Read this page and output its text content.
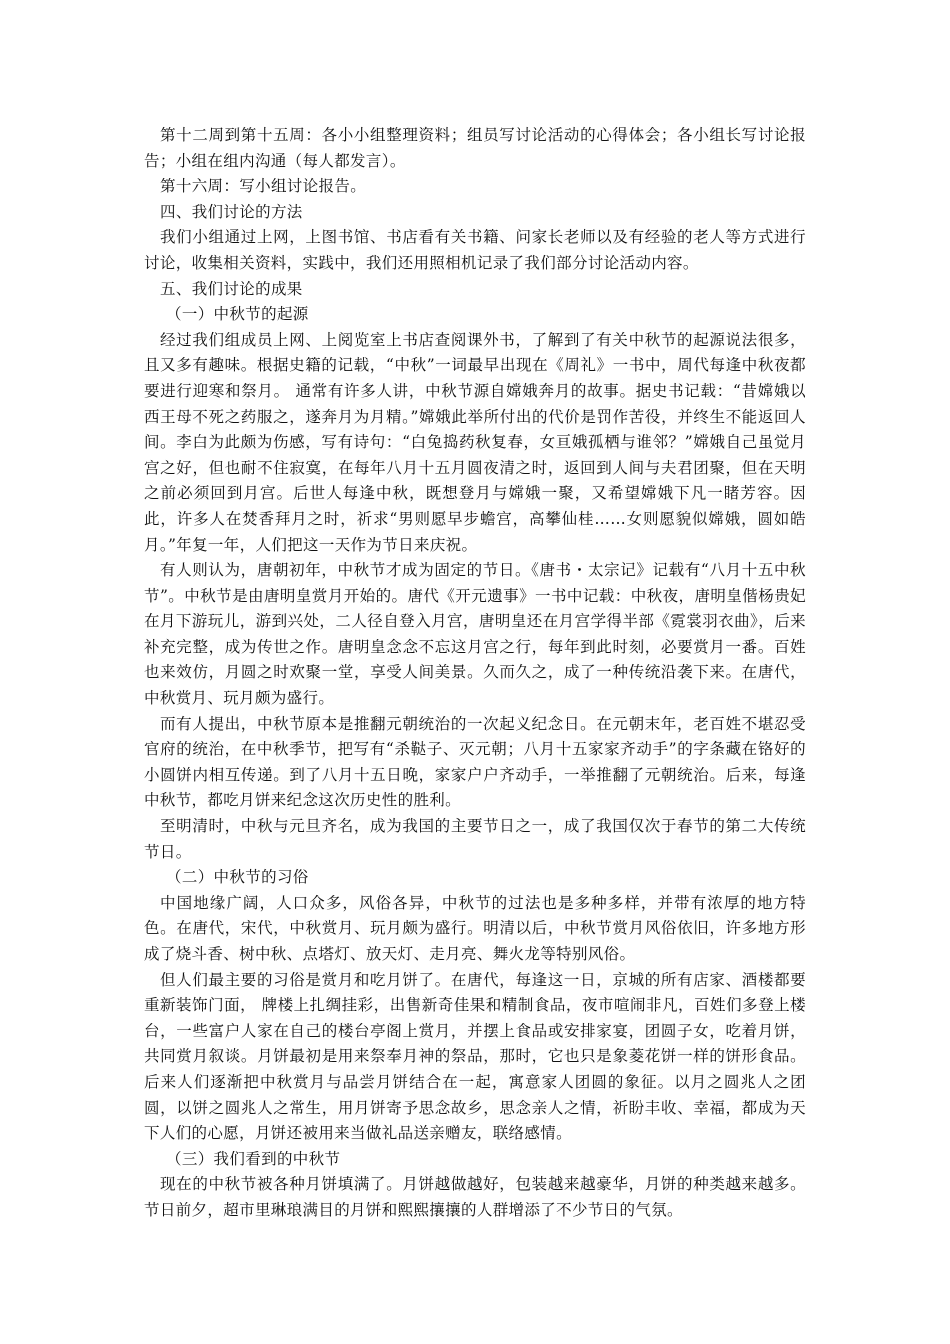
第十二周到第十五周：各小小组整理资料；组员写讨论活动的心得体会；各小组长写讨论报告；小组在组内沟通（每人都发言）。

第十六周：写小组讨论报告。

四、我们讨论的方法

我们小组通过上网，上图书馆、书店看有关书籍、问家长老师以及有经验的老人等方式进行讨论，收集相关资料，实践中，我们还用照相机记录了我们部分讨论活动内容。

五、我们讨论的成果

（一）中秋节的起源

经过我们组成员上网、上阅览室上书店查阅课外书，了解到了有关中秋节的起源说法很多，且又多有趣味。根据史籍的记载，“中秋”一词最早出现在《周礼》一书中，周代每逢中秋夜都要进行迎寒和祭月。 通常有许多人讲，中秋节源自嫦娥奔月的故事。据史书记载：“昔嫦娥以西王母不死之药服之，遂奔月为月精。”嫦娥此举所付出的代价是罚作苦役，并终生不能返回人间。李白为此颇为伤感，写有诗句：“白兔捣药秋复春，女亘娥孤栖与谁邻？”嫦娥自己虽觉月宫之好，但也耐不住寂寞，在每年八月十五月圆夜清之时，返回到人间与夫君团聚，但在天明之前必须回到月宫。后世人每逢中秋，既想登月与嫦娥一聚，又希望嫦娥下凡一睹芳容。因此，许多人在焚香拜月之时，祈求“男则愿早步蟾宫，高攀仙桂……女则愿貌似嫦娥，圆如皓月。”年复一年，人们把这一天作为节日来庆祝。

有人则认为，唐朝初年，中秋节才成为固定的节日。《唐书・太宗记》记载有“八月十五中秋节”。中秋节是由唐明皇赏月开始的。唐代《开元遗事》一书中记载：中秋夜，唐明皇偕杨贵妃在月下游玩儿，游到兴处，二人径自登入月宫，唐明皇还在月宫学得半部《霓裳羽衣曲》，后来补充完整，成为传世之作。唐明皇念念不忘这月宫之行，每年到此时刻，必要赏月一番。百姓也来效仿，月圆之时欢聚一堂，享受人间美景。久而久之，成了一种传统沿袭下来。在唐代，中秋赏月、玩月颇为盛行。

而有人提出，中秋节原本是推翻元朝统治的一次起义纪念日。在元朝末年，老百姓不堪忍受官府的统治，在中秋季节，把写有“杀鞑子、灭元朝；八月十五家家齐动手”的字条藏在铬好的小圆饼内相互传递。到了八月十五日晚，家家户户齐动手，一举推翻了元朝统治。后来，每逢中秋节，都吃月饼来纪念这次历史性的胜利。

至明清时，中秋与元旦齐名，成为我国的主要节日之一，成了我国仅次于春节的第二大传统节日。

（二）中秋节的习俗

中国地缘广阔，人口众多，风俗各异，中秋节的过法也是多种多样，并带有浓厚的地方特色。在唐代，宋代，中秋赏月、玩月颇为盛行。明清以后，中秋节赏月风俗依旧，许多地方形成了烧斗香、树中秋、点塔灯、放天灯、走月亮、舞火龙等特别风俗。

但人们最主要的习俗是赏月和吃月饼了。在唐代，每逢这一日，京城的所有店家、酒楼都要重新装饰门面， 牌楼上扎绸挂彩，出售新奇佳果和精制食品，夜市喧闹非凡，百姓们多登上楼台，一些富户人家在自己的楼台亭阁上赏月，并摆上食品或安排家宴，团圆子女，吃着月饼，共同赏月叙谈。月饼最初是用来祭奉月神的祭品，那时，它也只是象菱花饼一样的饼形食品。后来人们逐渐把中秋赏月与品尝月饼结合在一起，寓意家人团圆的象征。以月之圆兆人之团圆，以饼之圆兆人之常生，用月饼寄予思念故乡，思念亲人之情，祈盼丰收、幸福，都成为天下人们的心愿，月饼还被用来当做礼品送亲赠友，联络感情。

（三）我们看到的中秋节

现在的中秋节被各种月饼填满了。月饼越做越好，包装越来越豪华，月饼的种类越来越多。节日前夕，超市里琳琅满目的月饼和熙熙攘攘的人群增添了不少节日的气氛。
